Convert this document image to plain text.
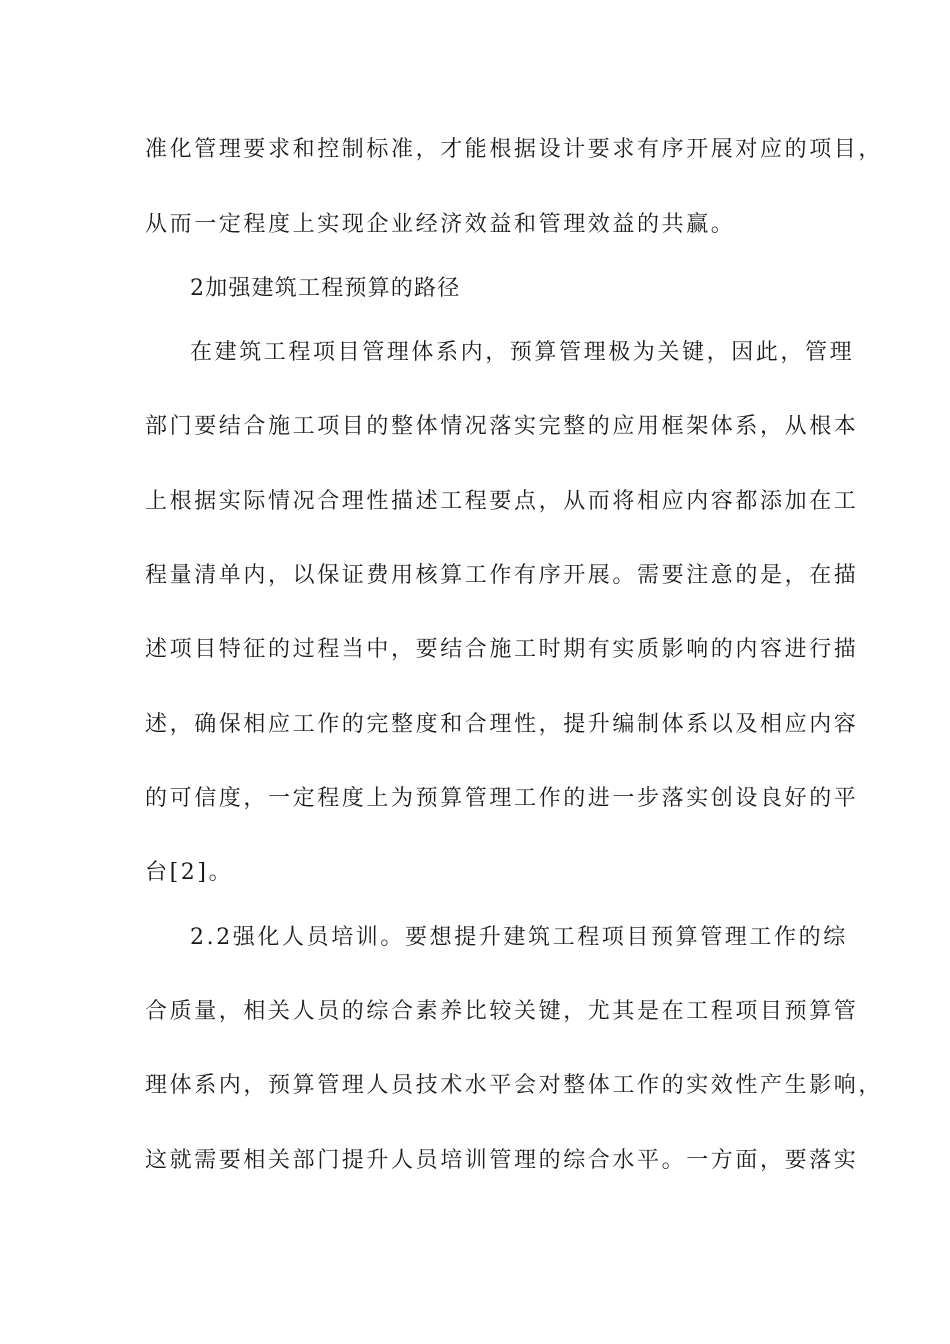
准化管理要求和控制标准，才能根据设计要求有序开展对应的项目，
从而一定程度上实现企业经济效益和管理效益的共赢。
2加强建筑工程预算的路径
在建筑工程项目管理体系内，预算管理极为关键，因此，管理
部门要结合施工项目的整体情况落实完整的应用框架体系，从根本
上根据实际情况合理性描述工程要点，从而将相应内容都添加在工
程量清单内，以保证费用核算工作有序开展。需要注意的是，在描
述项目特征的过程当中，要结合施工时期有实质影响的内容进行描
述，确保相应工作的完整度和合理性，提升编制体系以及相应内容
的可信度，一定程度上为预算管理工作的进一步落实创设良好的平
台[2]。
2.2强化人员培训。要想提升建筑工程项目预算管理工作的综
合质量，相关人员的综合素养比较关键，尤其是在工程项目预算管
理体系内，预算管理人员技术水平会对整体工作的实效性产生影响，
这就需要相关部门提升人员培训管理的综合水平。一方面，要落实
